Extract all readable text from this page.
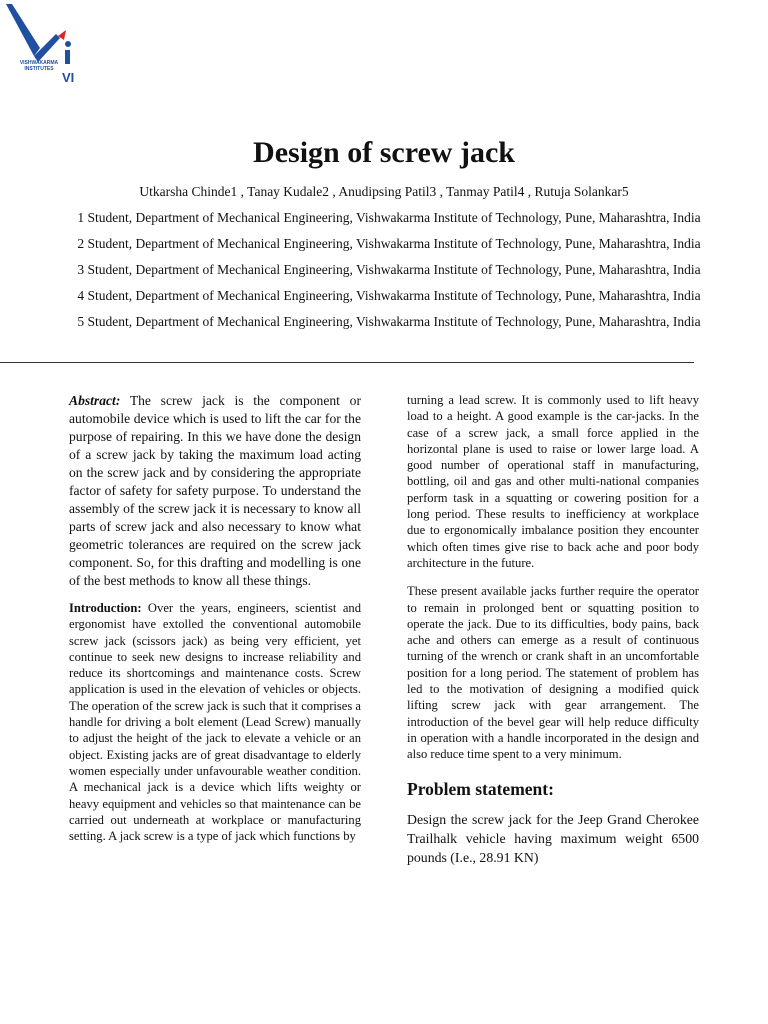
VISHWAKARMA
INSTITUTES
VI
Design of screw jack
Utkarsha Chinde1 , Tanay Kudale2 , Anudipsing Patil3 , Tanmay Patil4 , Rutuja Solankar5
1 Student, Department of Mechanical Engineering, Vishwakarma Institute of Technology, Pune, Maharashtra, India
2 Student, Department of Mechanical Engineering, Vishwakarma Institute of Technology, Pune, Maharashtra, India
3 Student, Department of Mechanical Engineering, Vishwakarma Institute of Technology, Pune, Maharashtra, India
4 Student, Department of Mechanical Engineering, Vishwakarma Institute of Technology, Pune, Maharashtra, India
5 Student, Department of Mechanical Engineering, Vishwakarma Institute of Technology, Pune, Maharashtra, India

Abstract: The screw jack is the component or automobile device which is used to lift the car for the purpose of repairing. In this we have done the design of a screw jack by taking the maximum load acting on the screw jack and by considering the appropriate factor of safety for safety purpose. To understand the assembly of the screw jack it is necessary to know all parts of screw jack and also necessary to know what geometric tolerances are required on the screw jack component. So, for this drafting and modelling is one of the best methods to know all these things.

Introduction: Over the years, engineers, scientist and ergonomist have extolled the conventional automobile screw jack (scissors jack) as being very efficient, yet continue to seek new designs to increase reliability and reduce its shortcomings and maintenance costs. Screw application is used in the elevation of vehicles or objects. The operation of the screw jack is such that it comprises a handle for driving a bolt element (Lead Screw) manually to adjust the height of the jack to elevate a vehicle or an object. Existing jacks are of great disadvantage to elderly women especially under unfavourable weather condition. A mechanical jack is a device which lifts weighty or heavy equipment and vehicles so that maintenance can be carried out underneath at workplace or manufacturing setting. A jack screw is a type of jack which functions by

turning a lead screw. It is commonly used to lift heavy load to a height. A good example is the car-jacks. In the case of a screw jack, a small force applied in the horizontal plane is used to raise or lower large load. A good number of operational staff in manufacturing, bottling, oil and gas and other multi-national companies perform task in a squatting or cowering position for a long period. These results to inefficiency at workplace due to ergonomically imbalance position they encounter which often times give rise to back ache and poor body architecture in the future.

These present available jacks further require the operator to remain in prolonged bent or squatting position to operate the jack. Due to its difficulties, body pains, back ache and others can emerge as a result of continuous turning of the wrench or crank shaft in an uncomfortable position for a long period. The statement of problem has led to the motivation of designing a modified quick lifting screw jack with gear arrangement. The introduction of the bevel gear will help reduce difficulty in operation with a handle incorporated in the design and also reduce time spent to a very minimum.

Problem statement:

Design the screw jack for the Jeep Grand Cherokee Trailhalk vehicle having maximum weight 6500 pounds (I.e., 28.91 KN)
